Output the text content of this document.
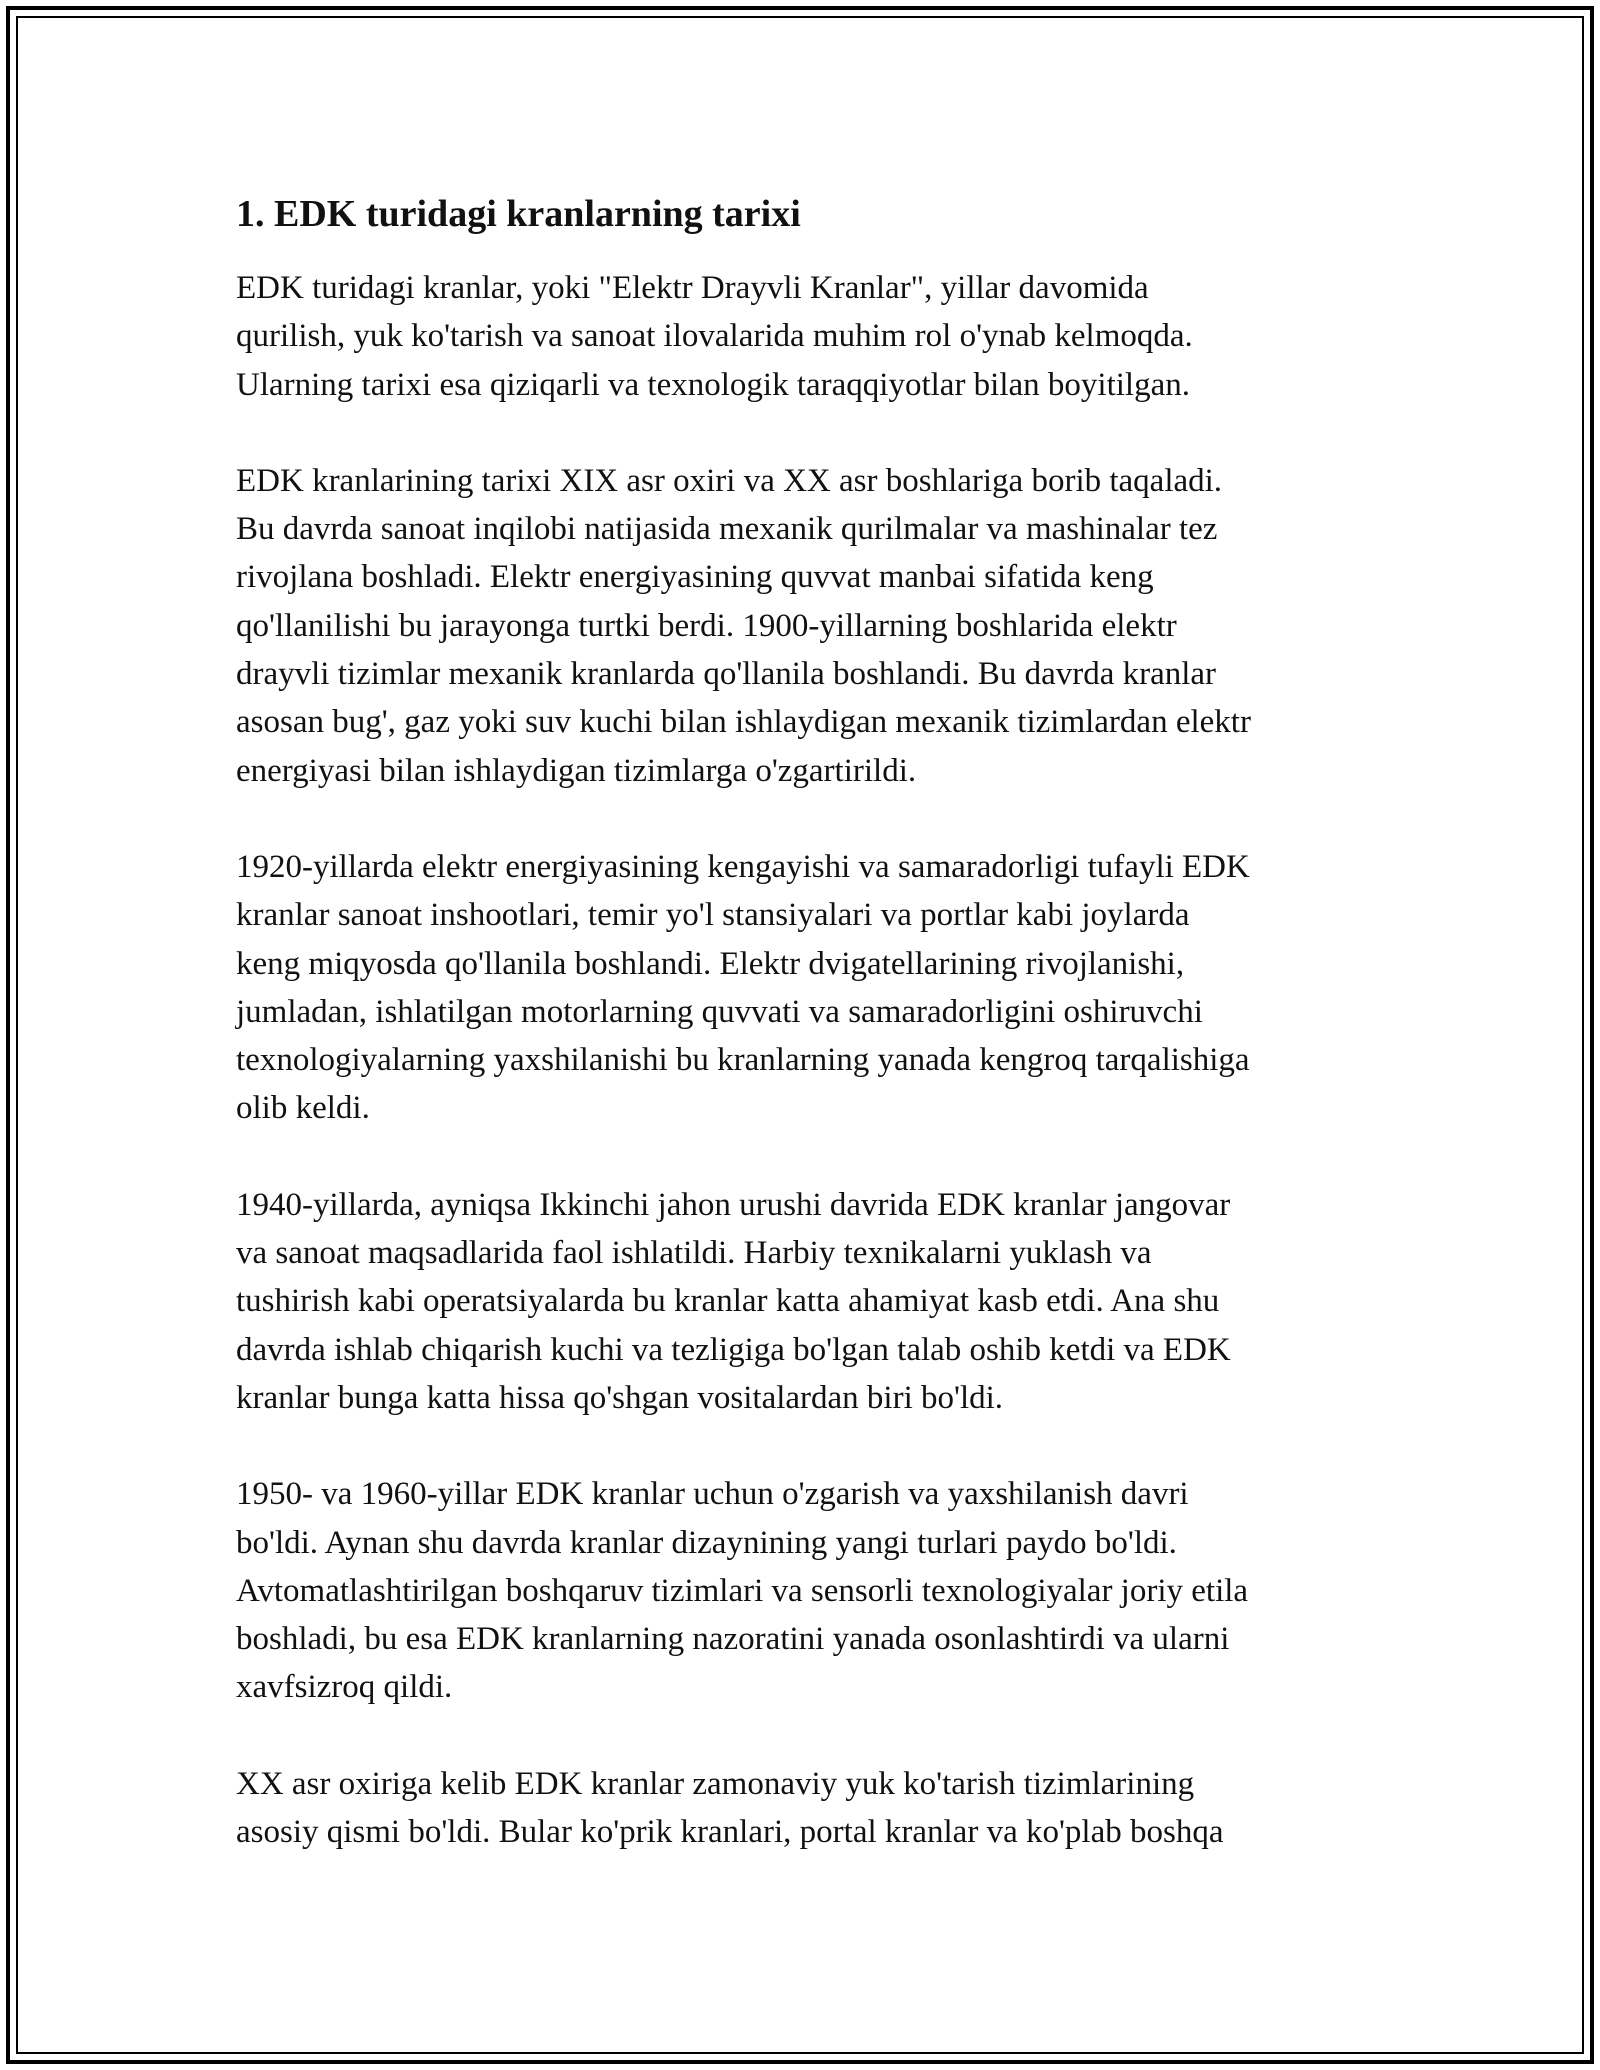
1. EDK turidagi kranlarning tarixi

EDK turidagi kranlar, yoki "Elektr Drayvli Kranlar", yillar davomida
qurilish, yuk ko'tarish va sanoat ilovalarida muhim rol o'ynab kelmoqda.
Ularning tarixi esa qiziqarli va texnologik taraqqiyotlar bilan boyitilgan.

EDK kranlarining tarixi XIX asr oxiri va XX asr boshlariga borib taqaladi.
Bu davrda sanoat inqilobi natijasida mexanik qurilmalar va mashinalar tez
rivojlana boshladi. Elektr energiyasining quvvat manbai sifatida keng
qo'llanilishi bu jarayonga turtki berdi. 1900-yillarning boshlarida elektr
drayvli tizimlar mexanik kranlarda qo'llanila boshlandi. Bu davrda kranlar
asosan bug', gaz yoki suv kuchi bilan ishlaydigan mexanik tizimlardan elektr
energiyasi bilan ishlaydigan tizimlarga o'zgartirildi.

1920-yillarda elektr energiyasining kengayishi va samaradorligi tufayli EDK
kranlar sanoat inshootlari, temir yo'l stansiyalari va portlar kabi joylarda
keng miqyosda qo'llanila boshlandi. Elektr dvigatellarining rivojlanishi,
jumladan, ishlatilgan motorlarning quvvati va samaradorligini oshiruvchi
texnologiyalarning yaxshilanishi bu kranlarning yanada kengroq tarqalishiga
olib keldi.

1940-yillarda, ayniqsa Ikkinchi jahon urushi davrida EDK kranlar jangovar
va sanoat maqsadlarida faol ishlatildi. Harbiy texnikalarni yuklash va
tushirish kabi operatsiyalarda bu kranlar katta ahamiyat kasb etdi. Ana shu
davrda ishlab chiqarish kuchi va tezligiga bo'lgan talab oshib ketdi va EDK
kranlar bunga katta hissa qo'shgan vositalardan biri bo'ldi.

1950- va 1960-yillar EDK kranlar uchun o'zgarish va yaxshilanish davri
bo'ldi. Aynan shu davrda kranlar dizaynining yangi turlari paydo bo'ldi.
Avtomatlashtirilgan boshqaruv tizimlari va sensorli texnologiyalar joriy etila
boshladi, bu esa EDK kranlarning nazoratini yanada osonlashtirdi va ularni
xavfsizroq qildi.

XX asr oxiriga kelib EDK kranlar zamonaviy yuk ko'tarish tizimlarining
asosiy qismi bo'ldi. Bular ko'prik kranlari, portal kranlar va ko'plab boshqa
